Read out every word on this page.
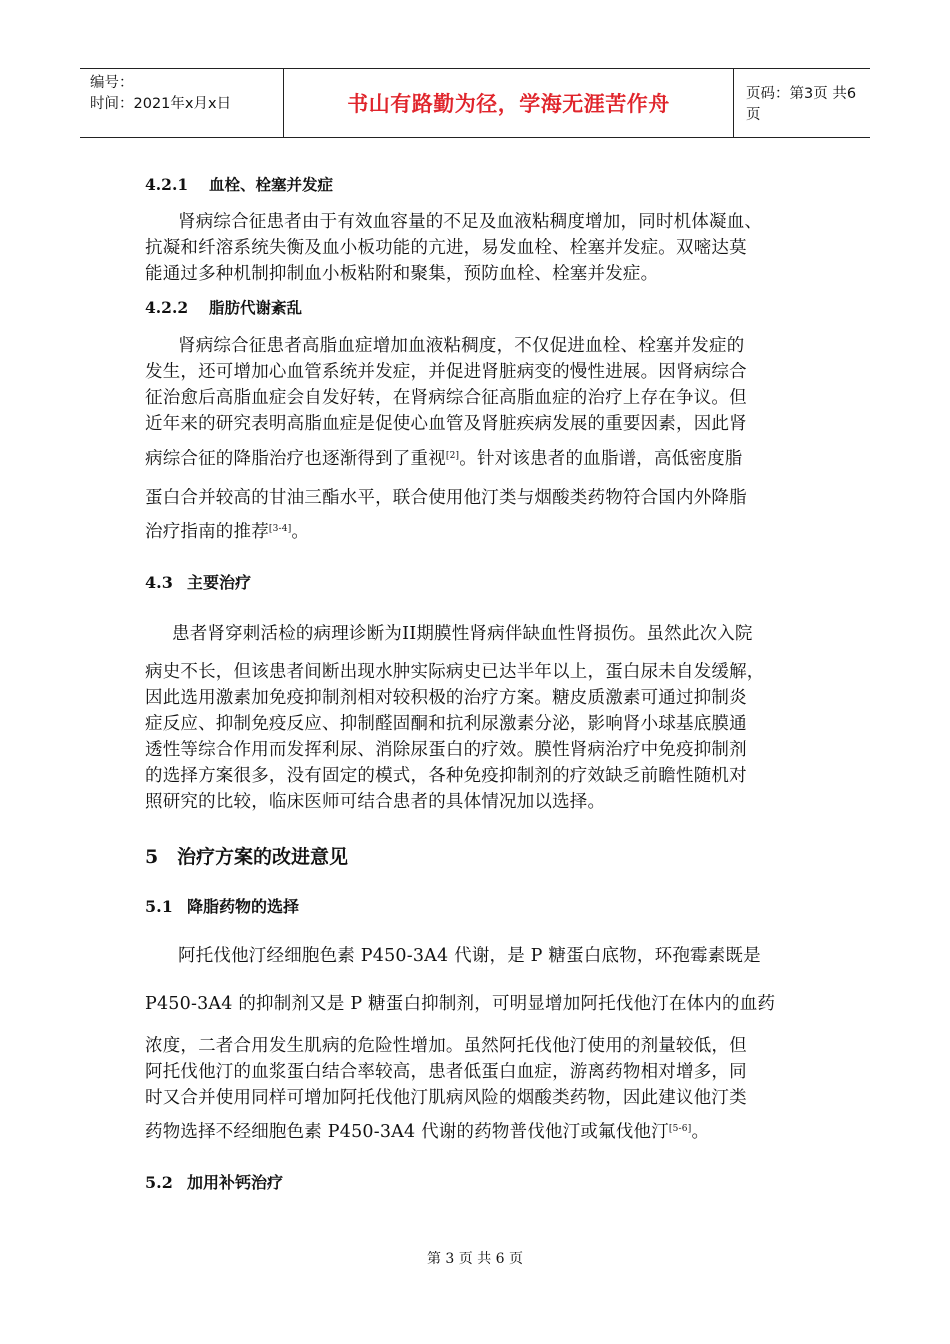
编号：
时间：2021年x月x日	书山有路勤为径，学海无涯苦作舟	页码：第3页 共6页
4.2.1 血栓、栓塞并发症
肾病综合征患者由于有效血容量的不足及血液粘稠度增加，同时机体凝血、
抗凝和纤溶系统失衡及血小板功能的亢进，易发血栓、栓塞并发症。双嘧达莫
能通过多种机制抑制血小板粘附和聚集，预防血栓、栓塞并发症。
4.2.2 脂肪代谢紊乱
肾病综合征患者高脂血症增加血液粘稠度，不仅促进血栓、栓塞并发症的
发生，还可增加心血管系统并发症，并促进肾脏病变的慢性进展。因肾病综合
征治愈后高脂血症会自发好转，在肾病综合征高脂血症的治疗上存在争议。但
近年来的研究表明高脂血症是促使心血管及肾脏疾病发展的重要因素，因此肾
病综合征的降脂治疗也逐渐得到了重视[2]。针对该患者的血脂谱，高低密度脂
蛋白合并较高的甘油三酯水平，联合使用他汀类与烟酸类药物符合国内外降脂
治疗指南的推荐[3-4]。
4.3 主要治疗
患者肾穿刺活检的病理诊断为II期膜性肾病伴缺血性肾损伤。虽然此次入院
病史不长，但该患者间断出现水肿实际病史已达半年以上，蛋白尿未自发缓解，
因此选用激素加免疫抑制剂相对较积极的治疗方案。糖皮质激素可通过抑制炎
症反应、抑制免疫反应、抑制醛固酮和抗利尿激素分泌，影响肾小球基底膜通
透性等综合作用而发挥利尿、消除尿蛋白的疗效。膜性肾病治疗中免疫抑制剂
的选择方案很多，没有固定的模式，各种免疫抑制剂的疗效缺乏前瞻性随机对
照研究的比较，临床医师可结合患者的具体情况加以选择。
5 治疗方案的改进意见
5.1 降脂药物的选择
阿托伐他汀经细胞色素 P450-3A4 代谢，是 P 糖蛋白底物，环孢霉素既是
P450-3A4 的抑制剂又是 P 糖蛋白抑制剂，可明显增加阿托伐他汀在体内的血药
浓度，二者合用发生肌病的危险性增加。虽然阿托伐他汀使用的剂量较低，但
阿托伐他汀的血浆蛋白结合率较高，患者低蛋白血症，游离药物相对增多，同
时又合并使用同样可增加阿托伐他汀肌病风险的烟酸类药物，因此建议他汀类
药物选择不经细胞色素 P450-3A4 代谢的药物普伐他汀或氟伐他汀[5-6]。
5.2 加用补钙治疗
第 3 页 共 6 页
